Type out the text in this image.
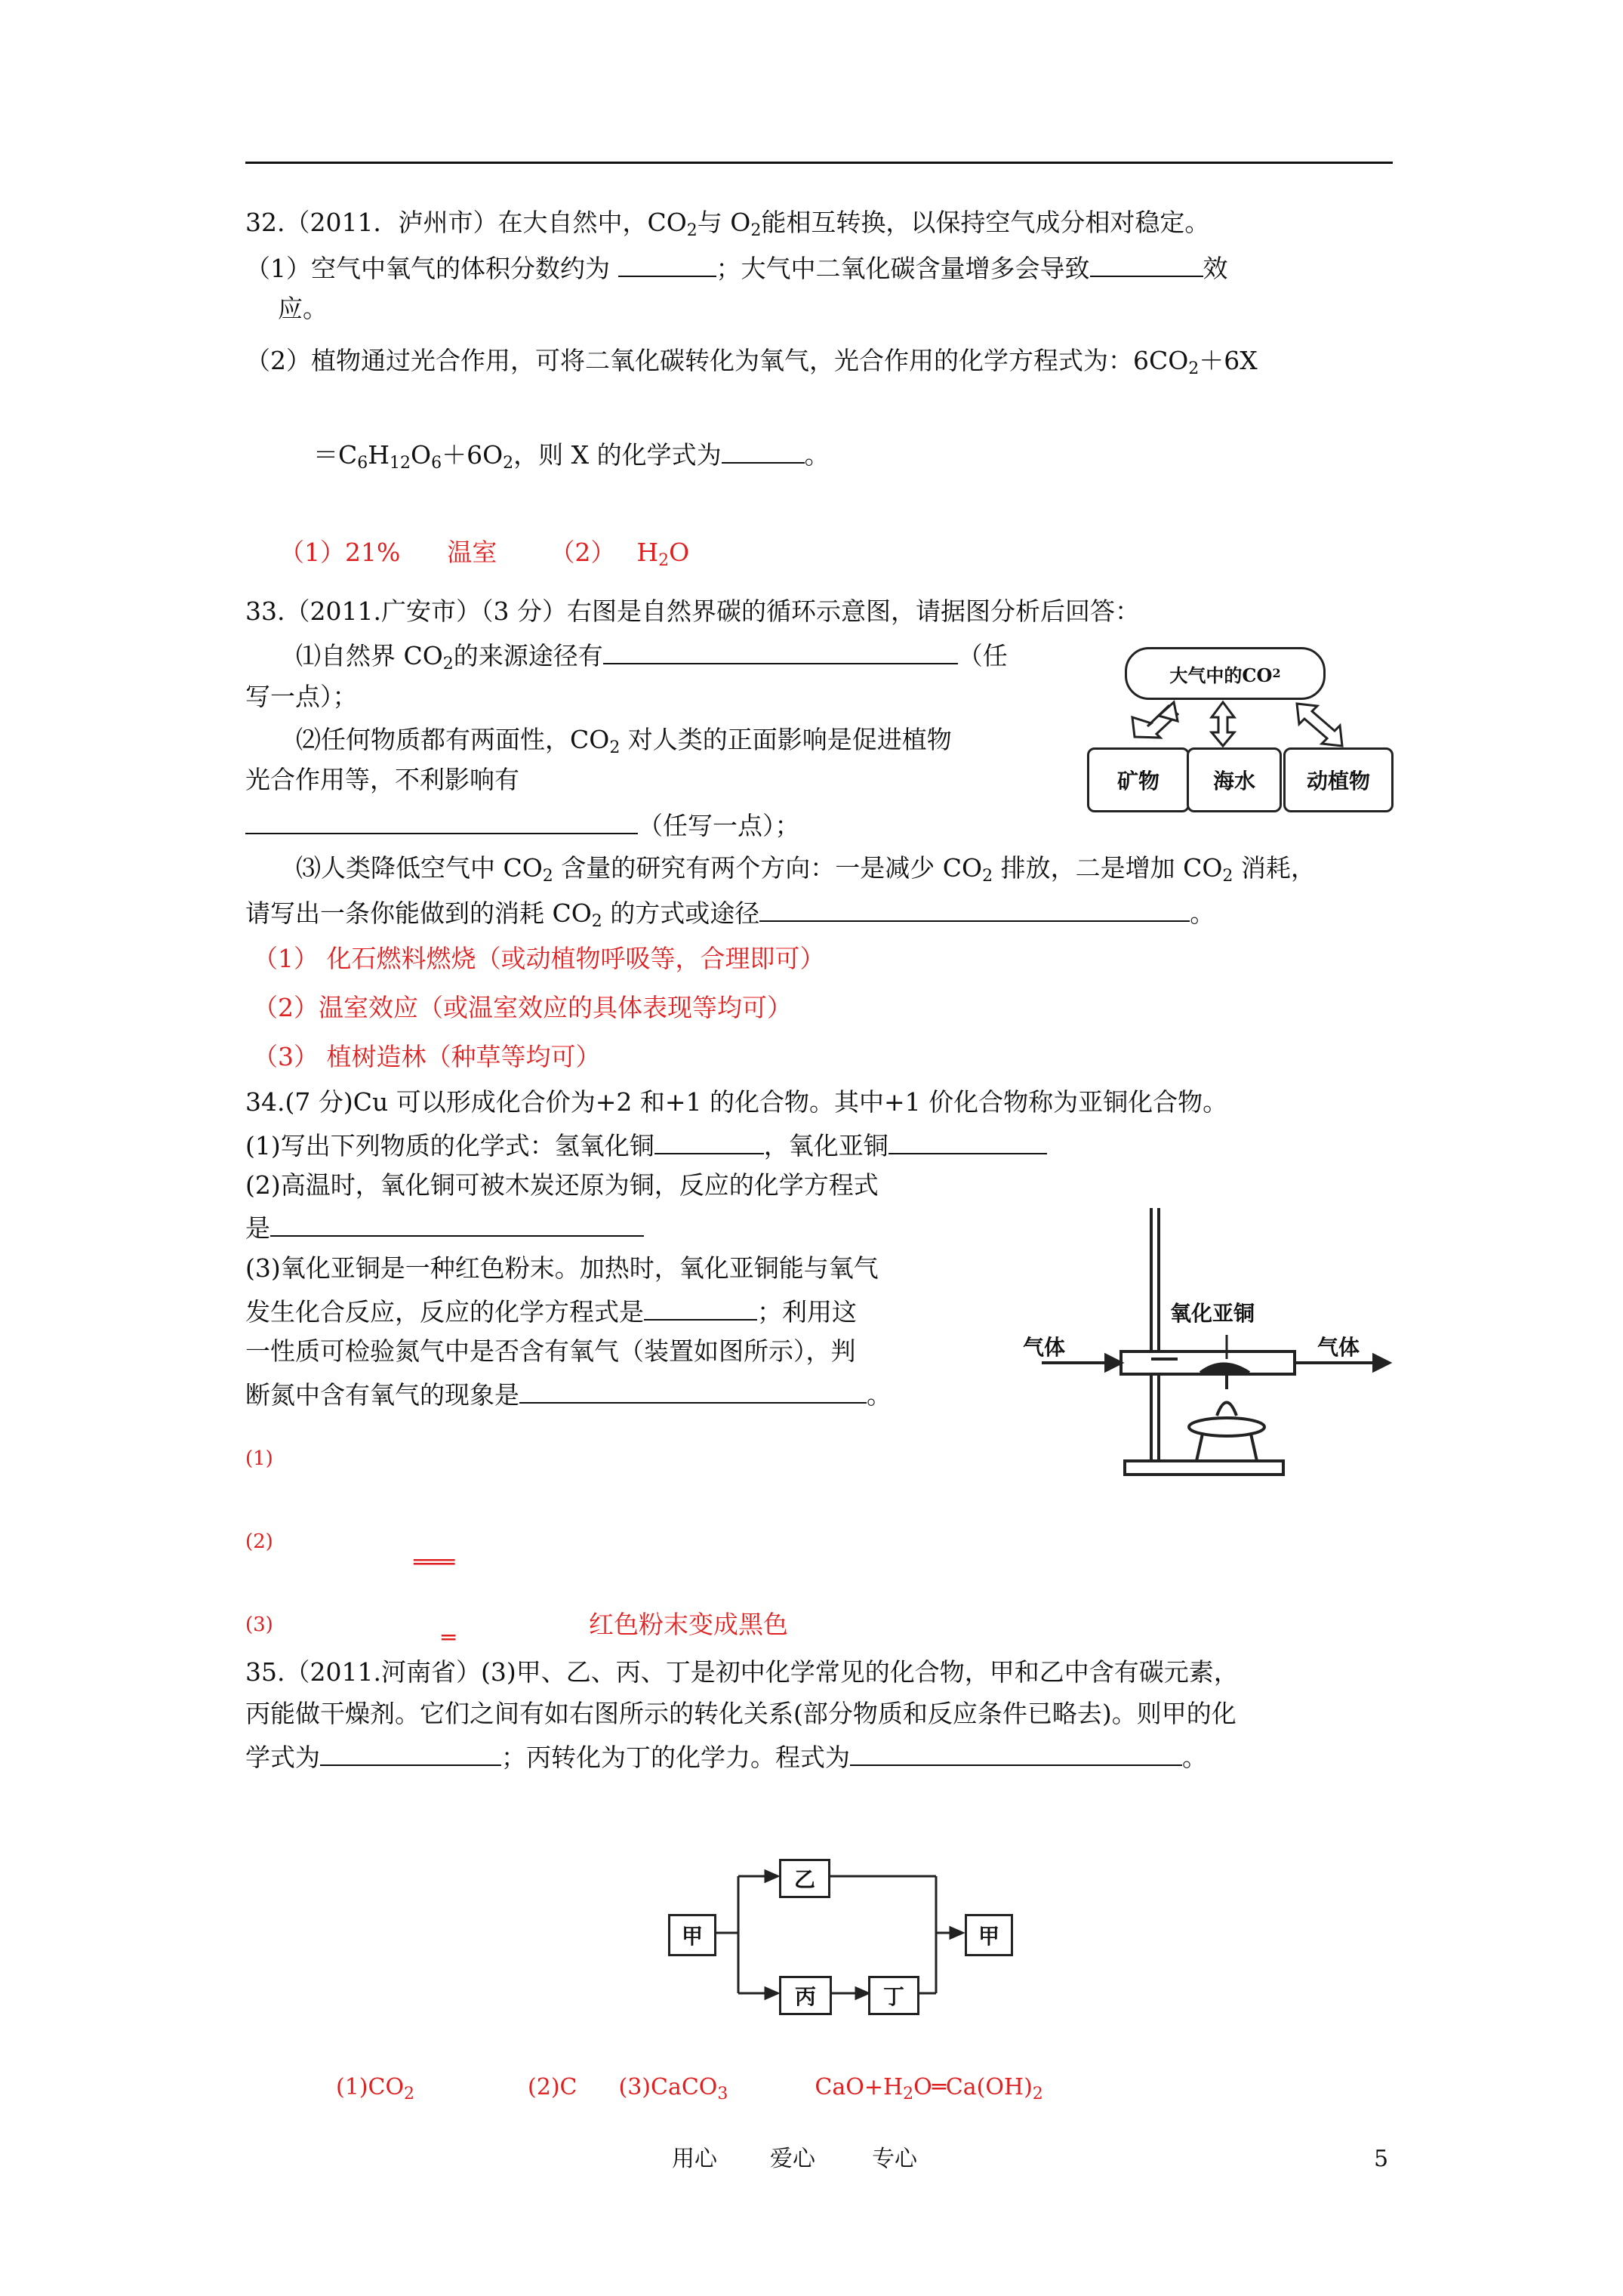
32.（2011．泸州市）在大自然中，$CO_2$与 $O_2$能相互转换，以保持空气成分相对稳定。
（1）空气中氧气的体积分数约为	；大气中二氧化碳含量增多会导致	效
应。
（2）植物通过光合作用，可将二氧化碳转化为氧气，光合作用的化学方程式为：$6CO_2+6X$
$=C_6H_{12}O_6+6O_2$，则 X 的化学式为	。
（1）21% 温室 （2） $H_2O$
33.（2011.广安市）（3 分）右图是自然界碳的循环示意图，请据图分析后回答：
⑴自然界 $CO_2$的来源途径有	（任
写一点）；
⑵任何物质都有两面性，$CO_2$ 对人类的正面影响是促进植物
光合作用等，不利影响有
（任写一点）；
⑶人类降低空气中 $CO_2$ 含量的研究有两个方向：一是减少 $CO_2$ 排放，二是增加 $CO_2$ 消耗，
请写出一条你能做到的消耗 $CO_2$ 的方式或途径	。
（1） 化石燃料燃烧（或动植物呼吸等，合理即可）
（2）温室效应（或温室效应的具体表现等均可）
（3） 植树造林（种草等均可）
大气中的CO 2
矿物	海水	动植物
34.(7 分)Cu 可以形成化合价为+2 和+1 的化合物。其中+1 价化合物称为亚铜化合物。
(1)写出下列物质的化学式：氢氧化铜	，氧化亚铜
(2)高温时，氧化铜可被木炭还原为铜，反应的化学方程式
是
(3)氧化亚铜是一种红色粉末。加热时，氧化亚铜能与氧气
发生化合反应，反应的化学方程式是	；利用这
一性质可检验氮气中是否含有氧气（装置如图所示），判
断氮中含有氧气的现象是	。
(1)
(2)
═══
(3)	═	红色粉末变成黑色
氧化亚铜
气体	气体
35.（2011.河南省）(3)甲、乙、丙、丁是初中化学常见的化合物，甲和乙中含有碳元素，
丙能做干燥剂。它们之间有如右图所示的转化关系(部分物质和反应条件已略去)。则甲的化
学式为	；丙转化为丁的化学力。程式为	。
甲
乙
丙	丁
甲
$(1)CO_2$	(2)C (3)CaCO$_3$	$CaO+H_2O═Ca(OH)_2$
用心 爱心	专心	5
